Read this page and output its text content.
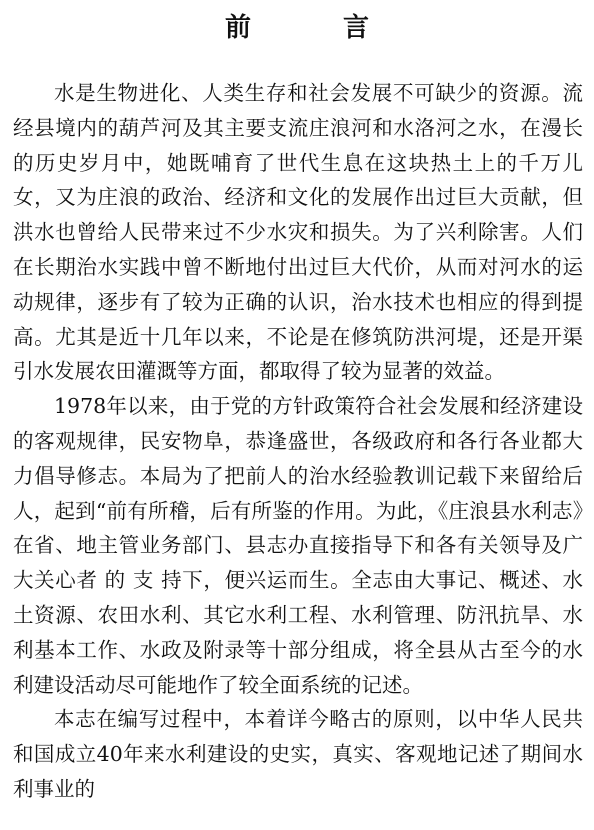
前	言

水是生物进化、人类生存和社会发展不可缺少的资源。流经县境内的葫芦河及其主要支流庄浪河和水洛河之水，在漫长的历史岁月中，她既哺育了世代生息在这块热土上的千万儿女，又为庄浪的政治、经济和文化的发展作出过巨大贡献，但洪水也曾给人民带来过不少水灾和损失。为了兴利除害。人们在长期治水实践中曾不断地付出过巨大代价，从而对河水的运动规律，逐步有了较为正确的认识，治水技术也相应的得到提高。尤其是近十几年以来，不论是在修筑防洪河堤，还是开渠引水发展农田灌溉等方面，都取得了较为显著的效益。

1978年以来，由于党的方针政策符合社会发展和经济建设的客观规律，民安物阜，恭逢盛世，各级政府和各行各业都大力倡导修志。本局为了把前人的治水经验教训记载下来留给后人，起到“前有所稽，后有所鉴的作用。为此，《庄浪县水利志》在省、地主管业务部门、县志办直接指导下和各有关领导及广大关心者 的 支 持下，便兴运而生。全志由大事记、概述、水土资源、农田水利、其它水利工程、水利管理、防汛抗旱、水利基本工作、水政及附录等十部分组成，将全县从古至今的水利建设活动尽可能地作了较全面系统的记述。

本志在编写过程中，本着详今略古的原则，以中华人民共和国成立40年来水利建设的史实，真实、客观地记述了期间水利事业的
